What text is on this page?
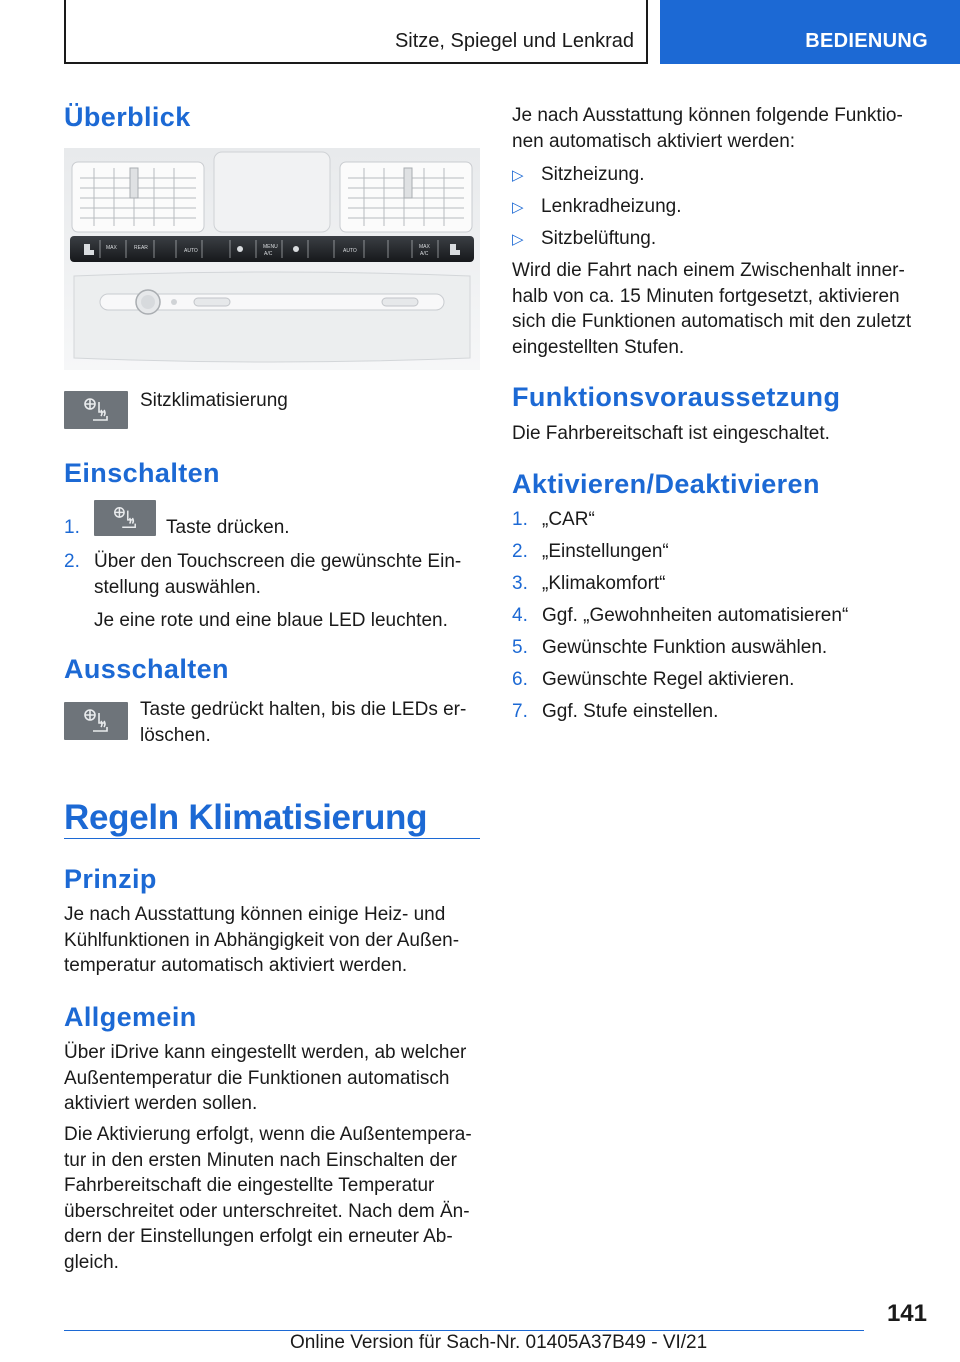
Sitze, Spiegel und Lenkrad	BEDIENUNG
Überblick
MAX	REAR	AUTO
MENU
A/C	AUTO
MAX
A/C
Sitzklimatisierung
Einschalten
1.	Taste drücken.
2. Über den Touchscreen die gewünschte Ein-
stellung auswählen.
Je eine rote und eine blaue LED leuchten.
Ausschalten
Taste gedrückt halten, bis die LEDs er-
löschen.
Regeln Klimatisierung
Prinzip
Je nach Ausstattung können einige Heiz- und
Kühlfunktionen in Abhängigkeit von der Außen-
temperatur automatisch aktiviert werden.
Allgemein
Über iDrive kann eingestellt werden, ab welcher
Außentemperatur die Funktionen automatisch
aktiviert werden sollen.
Die Aktivierung erfolgt, wenn die Außentempera-
tur in den ersten Minuten nach Einschalten der
Fahrbereitschaft die eingestellte Temperatur
überschreitet oder unterschreitet. Nach dem Än-
dern der Einstellungen erfolgt ein erneuter Ab-
gleich.
Je nach Ausstattung können folgende Funktio-
nen automatisch aktiviert werden:
▷ Sitzheizung.
▷ Lenkradheizung.
▷ Sitzbelüftung.
Wird die Fahrt nach einem Zwischenhalt inner-
halb von ca. 15 Minuten fortgesetzt, aktivieren
sich die Funktionen automatisch mit den zuletzt
eingestellten Stufen.
Funktionsvoraussetzung
Die Fahrbereitschaft ist eingeschaltet.
Aktivieren/Deaktivieren
1. „CAR“
2. „Einstellungen“
3. „Klimakomfort“
4. Ggf. „Gewohnheiten automatisieren“
5. Gewünschte Funktion auswählen.
6. Gewünschte Regel aktivieren.
7. Ggf. Stufe einstellen.
141
Online Version für Sach-Nr. 01405A37B49 - VI/21
